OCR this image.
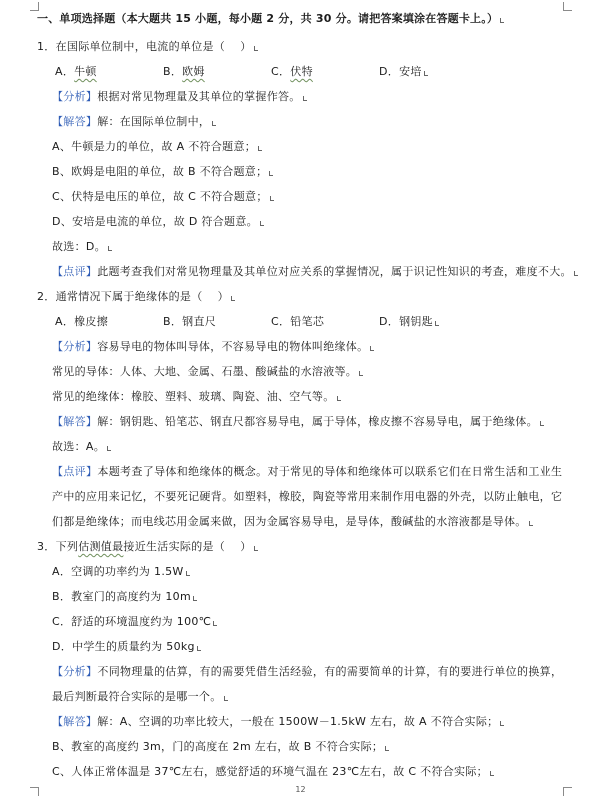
一、单项选择题（本大题共 15 小题，每小题 2 分，共 30 分。请把答案填涂在答题卡上。）
1．在国际单位制中，电流的单位是（    ）
A．牛顿	B．欧姆	C．伏特	D．安培
【分析】根据对常见物理量及其单位的掌握作答。
【解答】解：在国际单位制中，
A、牛顿是力的单位，故 A 不符合题意；
B、欧姆是电阻的单位，故 B 不符合题意；
C、伏特是电压的单位，故 C 不符合题意；
D、安培是电流的单位，故 D 符合题意。
故选：D。
【点评】此题考查我们对常见物理量及其单位对应关系的掌握情况，属于识记性知识的考查，难度不大。
2．通常情况下属于绝缘体的是（    ）
A．橡皮擦	B．钢直尺	C．铅笔芯	D．钢钥匙
【分析】容易导电的物体叫导体，不容易导电的物体叫绝缘体。
常见的导体：人体、大地、金属、石墨、酸碱盐的水溶液等。
常见的绝缘体：橡胶、塑料、玻璃、陶瓷、油、空气等。
【解答】解：钢钥匙、铅笔芯、钢直尺都容易导电，属于导体，橡皮擦不容易导电，属于绝缘体。
故选：A。
【点评】本题考查了导体和绝缘体的概念。对于常见的导体和绝缘体可以联系它们在日常生活和工业生
产中的应用来记忆，不要死记硬背。如塑料，橡胶，陶瓷等常用来制作用电器的外壳，以防止触电，它
们都是绝缘体；而电线芯用金属来做，因为金属容易导电，是导体，酸碱盐的水溶液都是导体。
3．下列估测值最接近生活实际的是（    ）
A．空调的功率约为 1.5W
B．教室门的高度约为 10m
C．舒适的环境温度约为 100℃
D．中学生的质量约为 50kg
【分析】不同物理量的估算，有的需要凭借生活经验，有的需要简单的计算，有的要进行单位的换算，
最后判断最符合实际的是哪一个。
【解答】解：A、空调的功率比较大，一般在 1500W－1.5kW 左右，故 A 不符合实际；
B、教室的高度约 3m，门的高度在 2m 左右，故 B 不符合实际；
C、人体正常体温是 37℃左右，感觉舒适的环境气温在 23℃左右，故 C 不符合实际；
12
